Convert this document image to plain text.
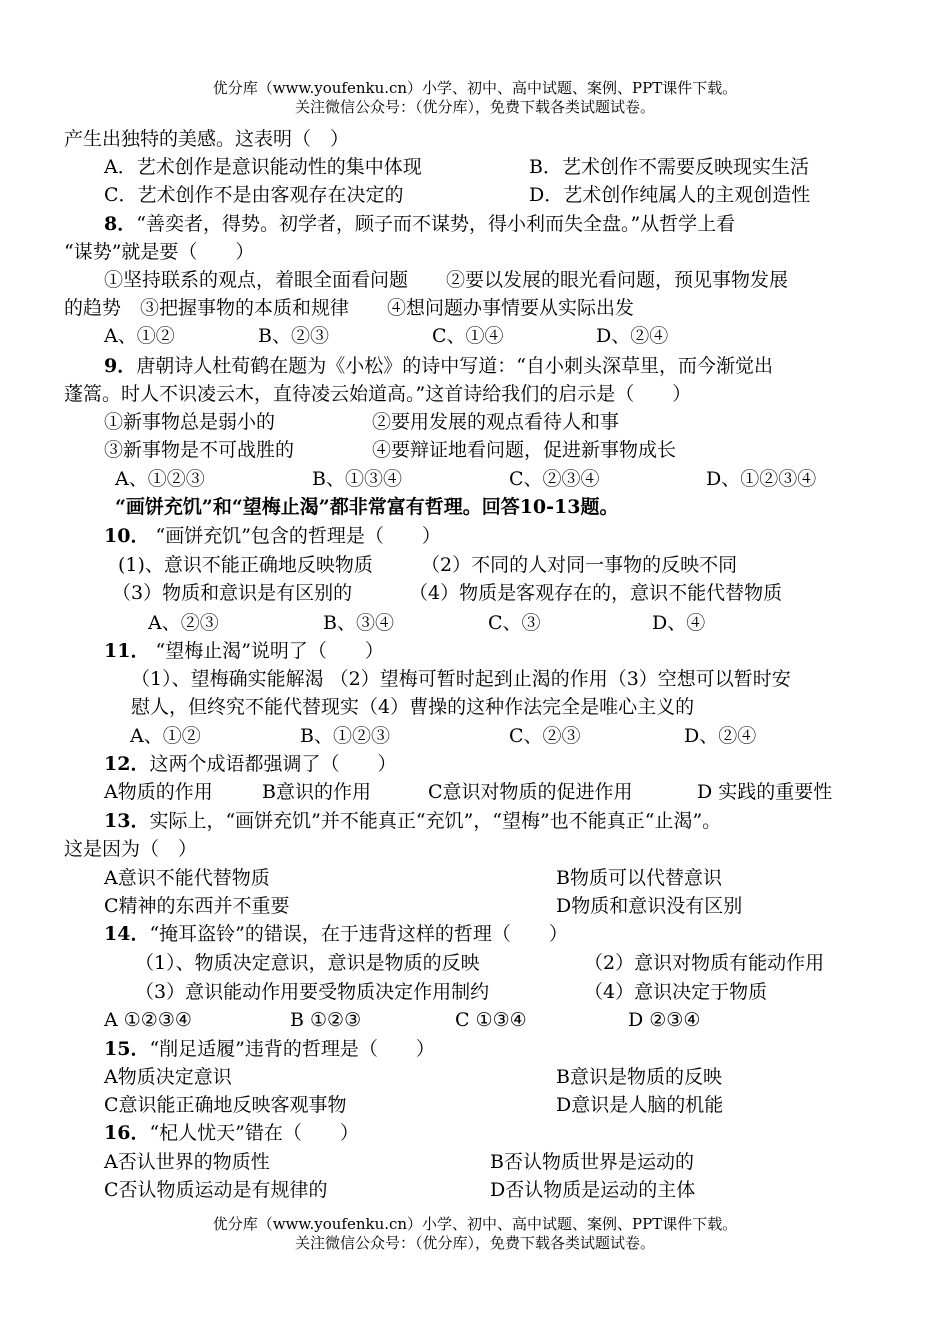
优分库（www.youfenku.cn）小学、初中、高中试题、案例、PPT课件下载。
关注微信公众号：（优分库），免费下载各类试题试卷。
产生出独特的美感。这表明（　）
A．艺术创作是意识能动性的集中体现	B．艺术创作不需要反映现实生活
C．艺术创作不是由客观存在决定的	D．艺术创作纯属人的主观创造性
8．“善奕者，得势。初学者，顾子而不谋势，得小利而失全盘。”从哲学上看
“谋势”就是要（　　）
①坚持联系的观点，着眼全面看问题　　②要以发展的眼光看问题，预见事物发展
的趋势　③把握事物的本质和规律　　④想问题办事情要从实际出发
A、①②	B、②③	C、①④	D、②④
9．唐朝诗人杜荀鹤在题为《小松》的诗中写道：“自小刺头深草里，而今渐觉出
蓬篙。时人不识凌云木，直待凌云始道高。”这首诗给我们的启示是（　　）
①新事物总是弱小的	②要用发展的观点看待人和事
③新事物是不可战胜的	④要辩证地看问题，促进新事物成长
A、①②③	B、①③④	C、②③④	D、①②③④
“画饼充饥”和“望梅止渴”都非常富有哲理。回答10-13题。
10． “画饼充饥”包含的哲理是（　　）
(1)、意识不能正确地反映物质	（2）不同的人对同一事物的反映不同
（3）物质和意识是有区别的	（4）物质是客观存在的，意识不能代替物质
A、②③	B、③④	C、③	D、④
11． “望梅止渴”说明了（　　）
（1）、望梅确实能解渴 （2）望梅可暂时起到止渴的作用（3）空想可以暂时安
慰人，但终究不能代替现实（4）曹操的这种作法完全是唯心主义的
A、①②	B、①②③	C、②③	D、②④
12．这两个成语都强调了（　　）
A物质的作用	B意识的作用	C意识对物质的促进作用	D 实践的重要性
13．实际上，“画饼充饥”并不能真正“充饥”，“望梅”也不能真正“止渴”。
这是因为（　）
A意识不能代替物质	B物质可以代替意识
C精神的东西并不重要	D物质和意识没有区别
14．“掩耳盗铃”的错误，在于违背这样的哲理（　　）
（1）、物质决定意识，意识是物质的反映	（2）意识对物质有能动作用
（3）意识能动作用要受物质决定作用制约	（4）意识决定于物质
A ①②③④	B ①②③	C ①③④	D ②③④
15．“削足适履”违背的哲理是（　　）
A物质决定意识	B意识是物质的反映
C意识能正确地反映客观事物	D意识是人脑的机能
16．“杞人忧天”错在（　　）
A否认世界的物质性	B否认物质世界是运动的
C否认物质运动是有规律的	D否认物质是运动的主体
优分库（www.youfenku.cn）小学、初中、高中试题、案例、PPT课件下载。
关注微信公众号：（优分库），免费下载各类试题试卷。
